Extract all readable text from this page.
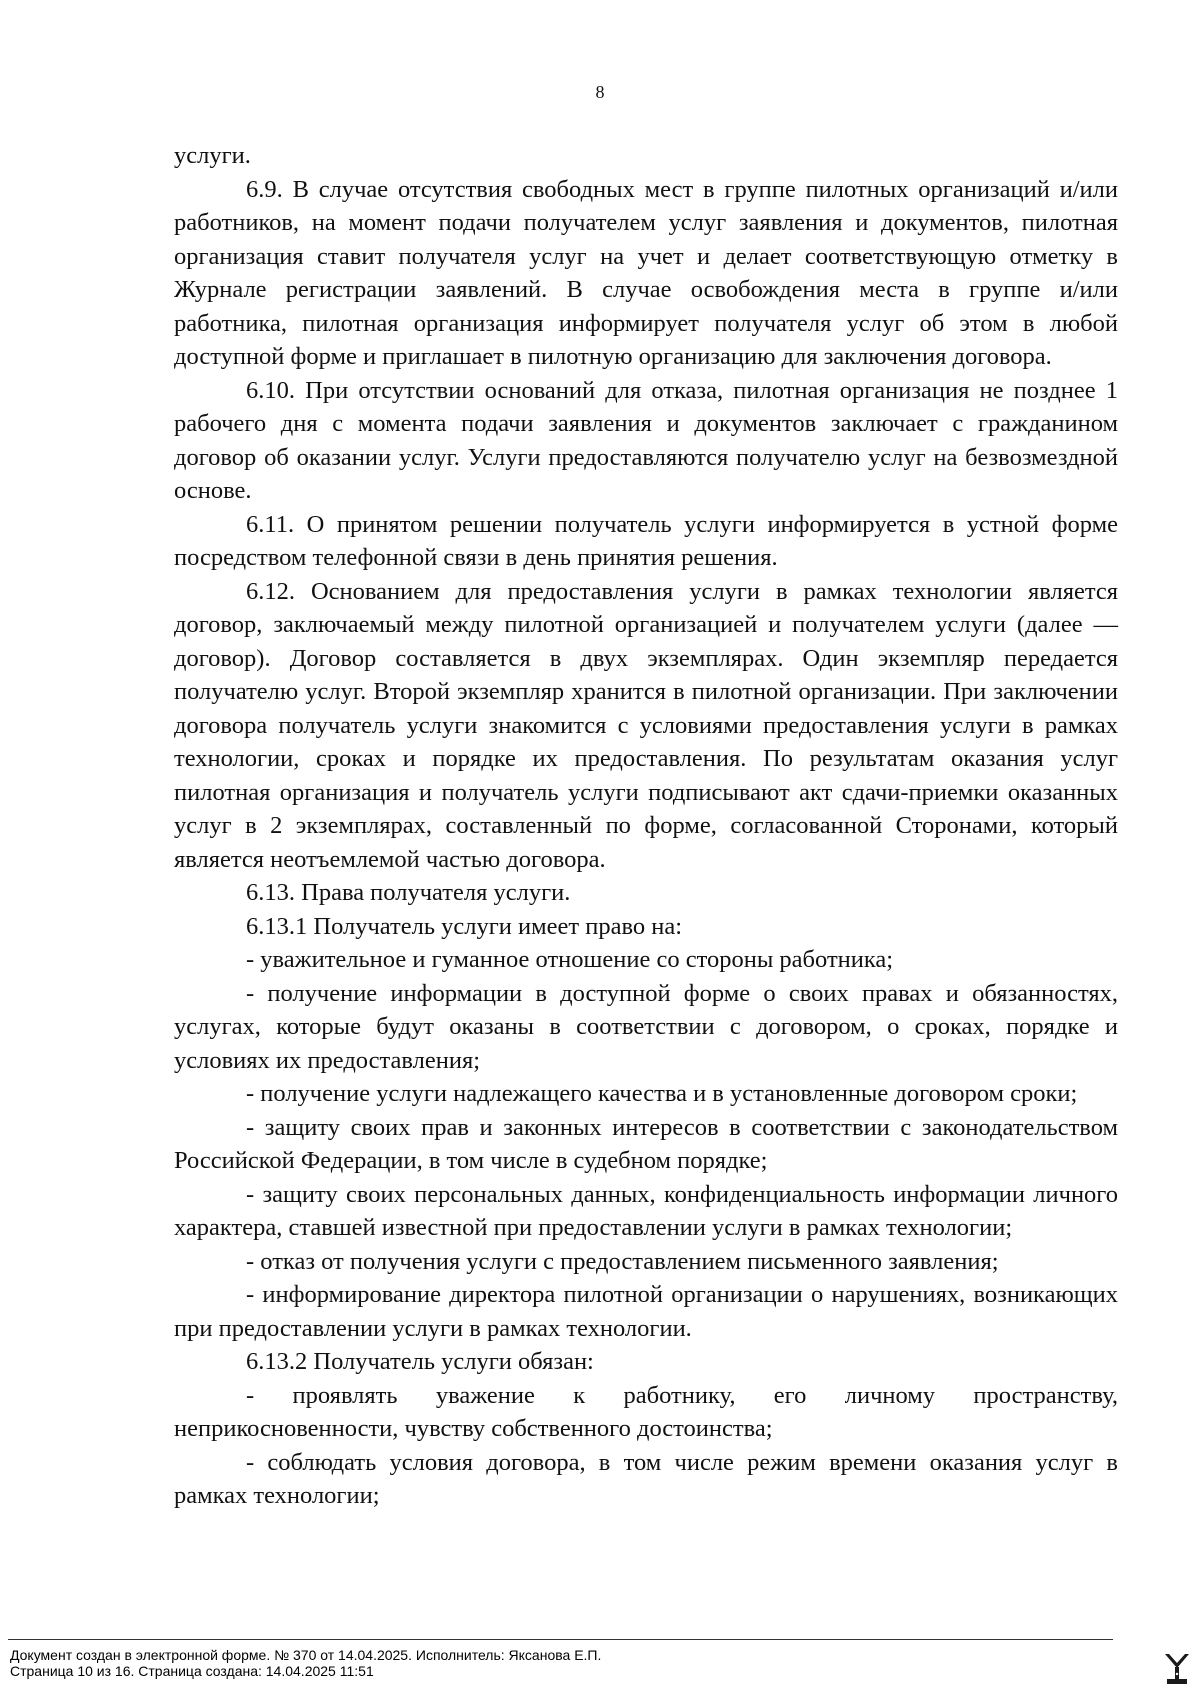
8

услуги.

6.9. В случае отсутствия свободных мест в группе пилотных организаций и/или работников, на момент подачи получателем услуг заявления и документов, пилотная организация ставит получателя услуг на учет и делает соответствующую отметку в Журнале регистрации заявлений. В случае освобождения места в группе и/или работника, пилотная организация информирует получателя услуг об этом в любой доступной форме и приглашает в пилотную организацию для заключения договора.

6.10. При отсутствии оснований для отказа, пилотная организация не позднее 1 рабочего дня с момента подачи заявления и документов заключает с гражданином договор об оказании услуг. Услуги предоставляются получателю услуг на безвозмездной основе.

6.11. О принятом решении получатель услуги информируется в устной форме посредством телефонной связи в день принятия решения.

6.12. Основанием для предоставления услуги в рамках технологии является договор, заключаемый между пилотной организацией и получателем услуги (далее — договор). Договор составляется в двух экземплярах. Один экземпляр передается получателю услуг. Второй экземпляр хранится в пилотной организации. При заключении договора получатель услуги знакомится с условиями предоставления услуги в рамках технологии, сроках и порядке их предоставления. По результатам оказания услуг пилотная организация и получатель услуги подписывают акт сдачи-приемки оказанных услуг в 2 экземплярах, составленный по форме, согласованной Сторонами, который является неотъемлемой частью договора.

6.13. Права получателя услуги.

6.13.1 Получатель услуги имеет право на:

- уважительное и гуманное отношение со стороны работника;

- получение информации в доступной форме о своих правах и обязанностях, услугах, которые будут оказаны в соответствии с договором, о сроках, порядке и условиях их предоставления;

- получение услуги надлежащего качества и в установленные договором сроки;

- защиту своих прав и законных интересов в соответствии с законодательством Российской Федерации, в том числе в судебном порядке;

- защиту своих персональных данных, конфиденциальность информации личного характера, ставшей известной при предоставлении услуги в рамках технологии;

- отказ от получения услуги с предоставлением письменного заявления;

- информирование директора пилотной организации о нарушениях, возникающих при предоставлении услуги в рамках технологии.

6.13.2 Получатель услуги обязан:

- проявлять уважение к работнику, его личному пространству, неприкосновенности, чувству собственного достоинства;

- соблюдать условия договора, в том числе режим времени оказания услуг в рамках технологии;

Документ создан в электронной форме. № 370 от 14.04.2025. Исполнитель: Яксанова Е.П.
Страница 10 из 16. Страница создана: 14.04.2025 11:51
